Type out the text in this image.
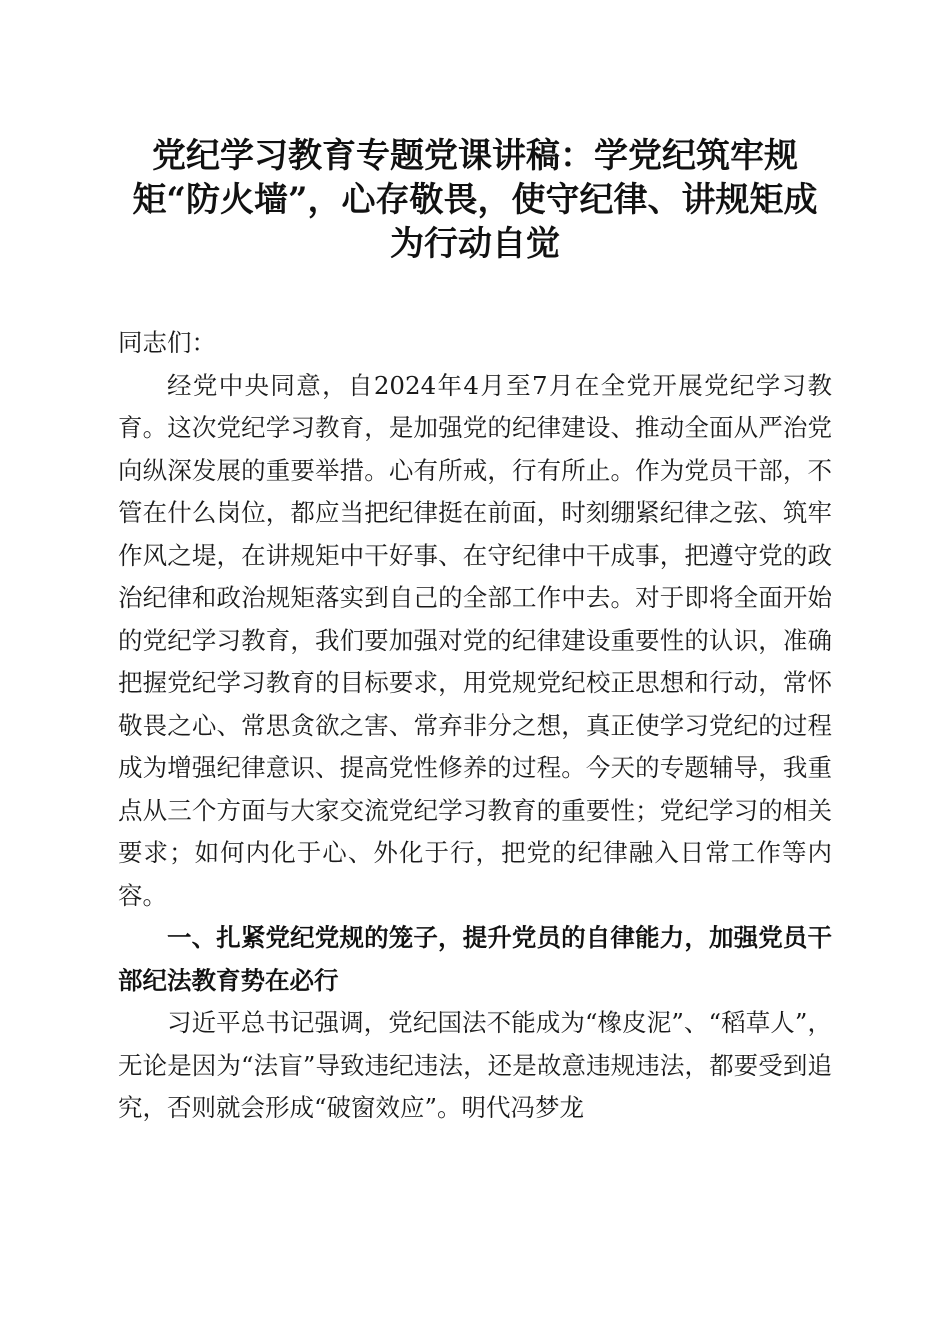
党纪学习教育专题党课讲稿：学党纪筑牢规矩“防火墙”，心存敬畏，使守纪律、讲规矩成为行动自觉

同志们：

经党中央同意，自2024年4月至7月在全党开展党纪学习教育。这次党纪学习教育，是加强党的纪律建设、推动全面从严治党向纵深发展的重要举措。心有所戒，行有所止。作为党员干部，不管在什么岗位，都应当把纪律挺在前面，时刻绷紧纪律之弦、筑牢作风之堤，在讲规矩中干好事、在守纪律中干成事，把遵守党的政治纪律和政治规矩落实到自己的全部工作中去。对于即将全面开始的党纪学习教育，我们要加强对党的纪律建设重要性的认识，准确把握党纪学习教育的目标要求，用党规党纪校正思想和行动，常怀敬畏之心、常思贪欲之害、常弃非分之想，真正使学习党纪的过程成为增强纪律意识、提高党性修养的过程。今天的专题辅导，我重点从三个方面与大家交流党纪学习教育的重要性；党纪学习的相关要求；如何内化于心、外化于行，把党的纪律融入日常工作等内容。

一、扎紧党纪党规的笼子，提升党员的自律能力，加强党员干部纪法教育势在必行

习近平总书记强调，党纪国法不能成为“橡皮泥”、“稻草人”，无论是因为“法盲”导致违纪违法，还是故意违规违法，都要受到追究，否则就会形成“破窗效应”。明代冯梦龙
